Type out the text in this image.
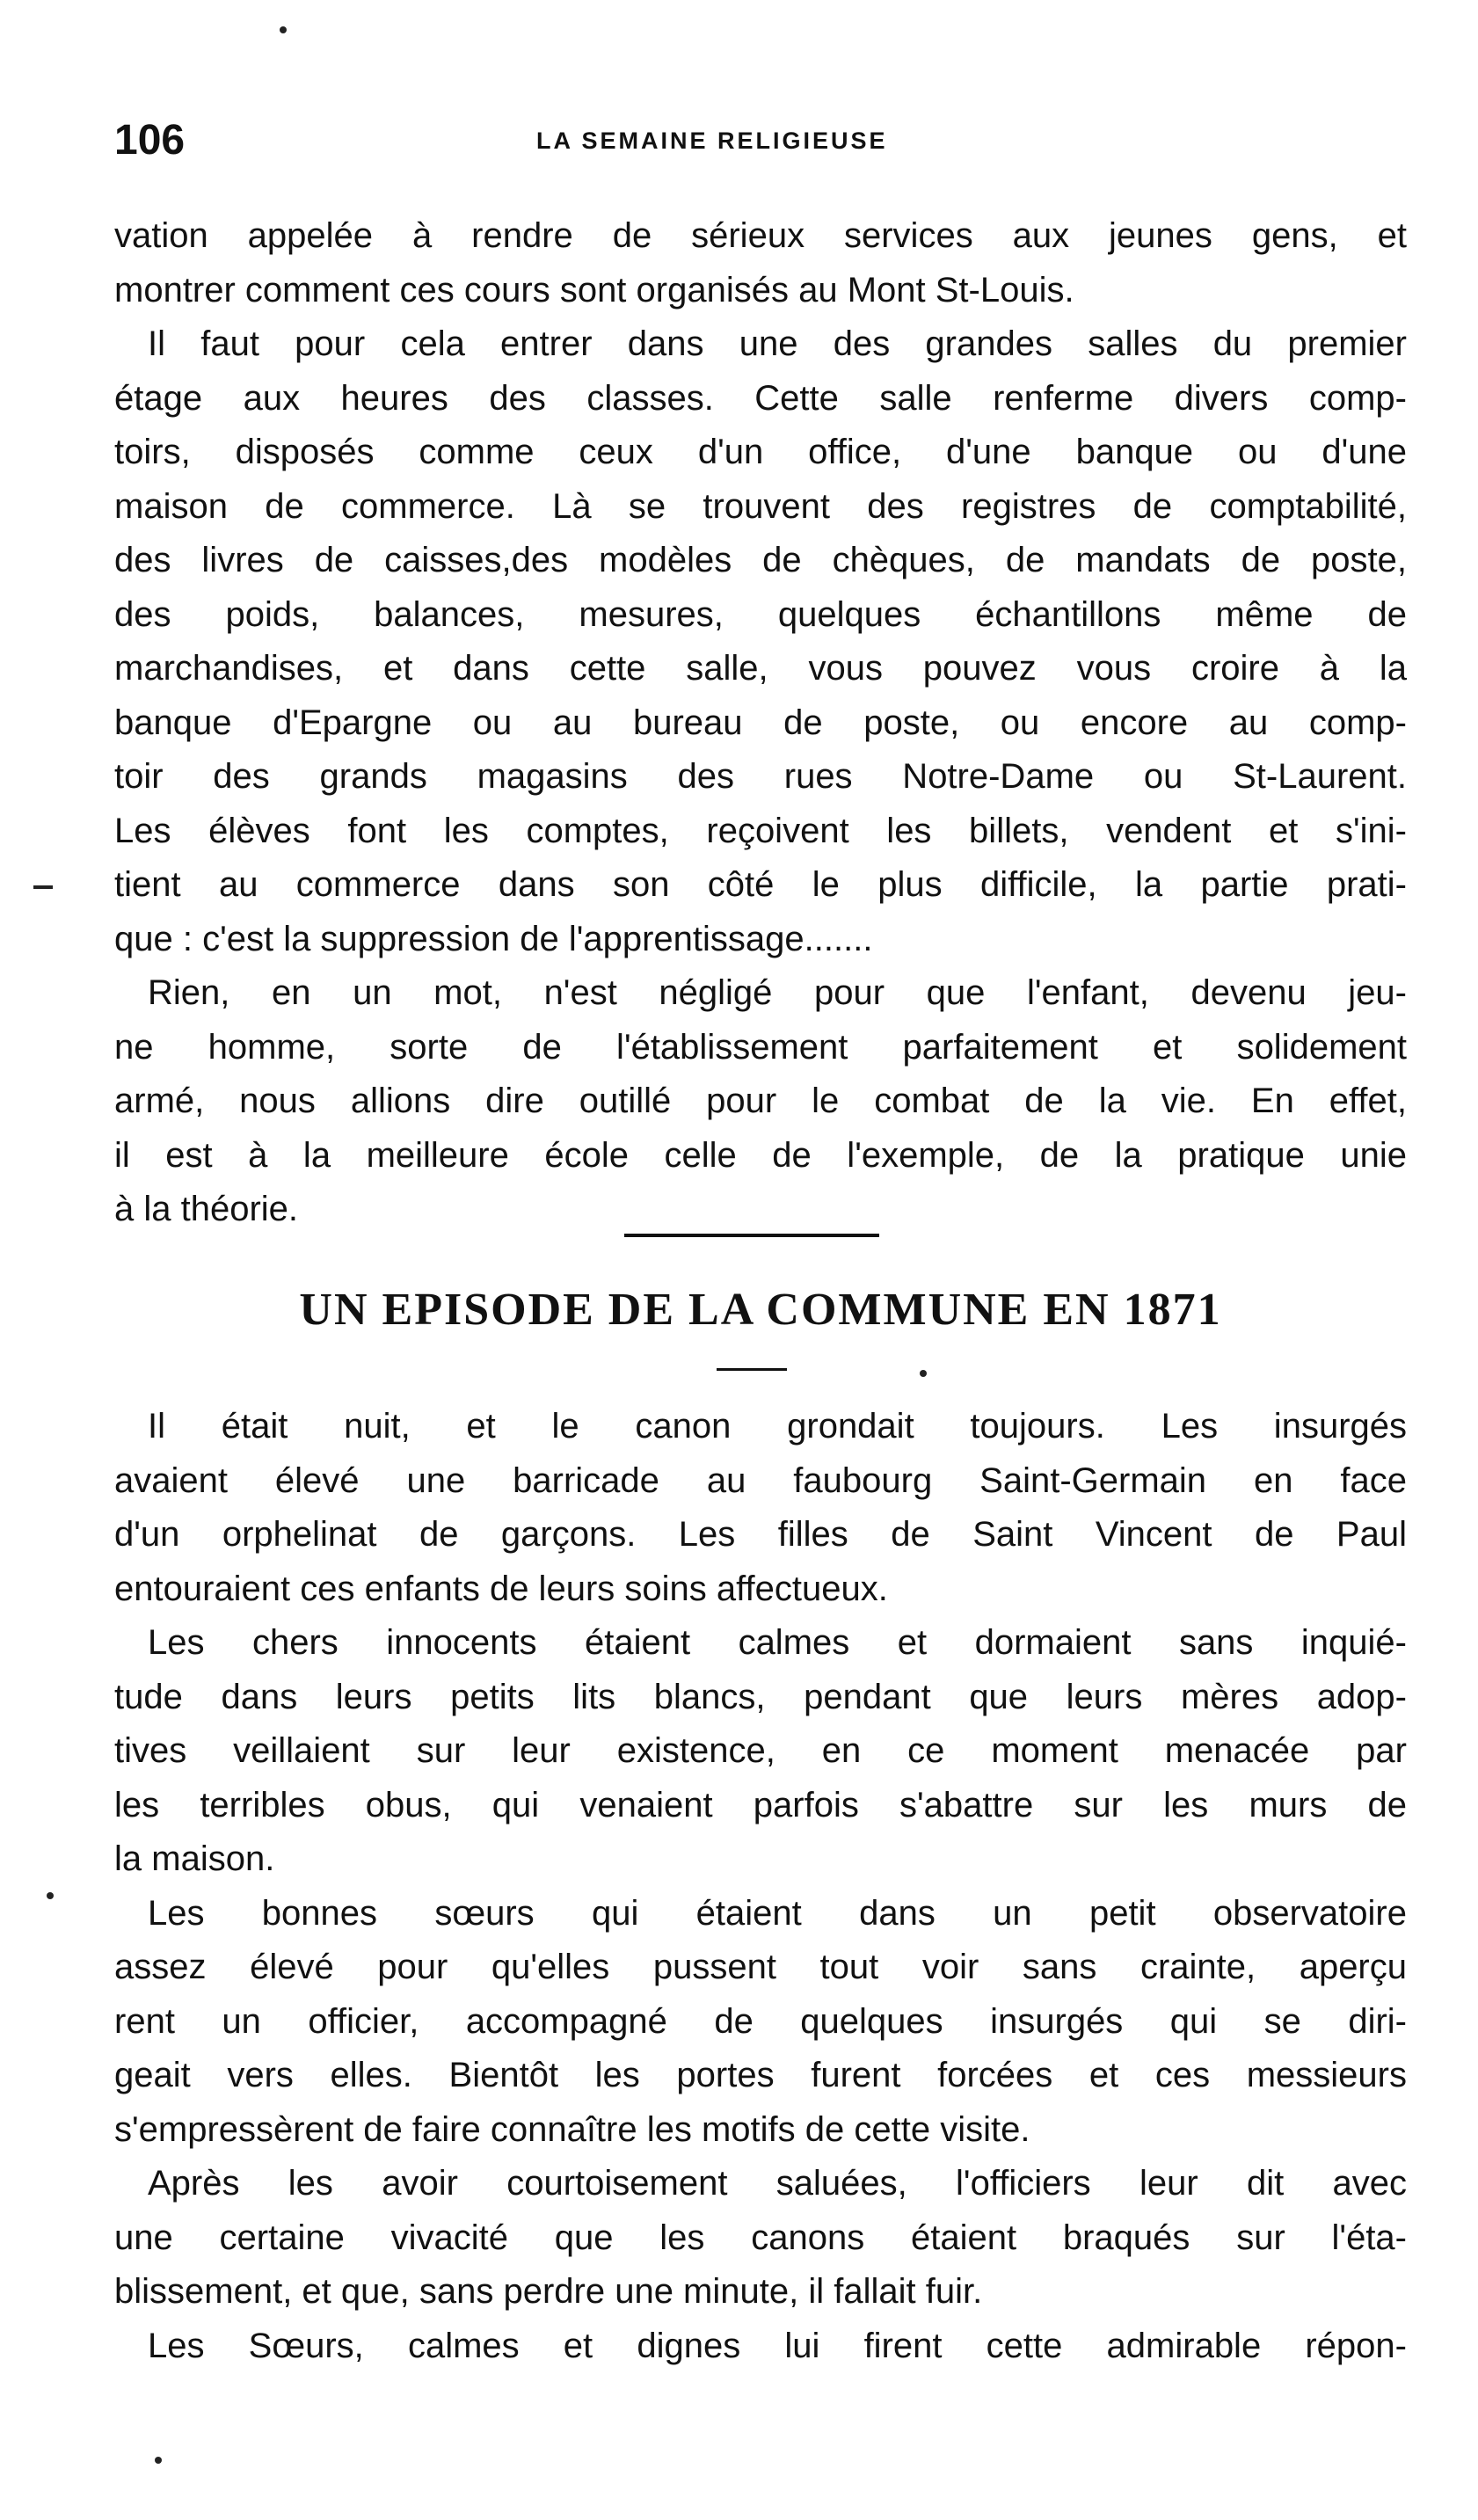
106	LA SEMAINE RELIGIEUSE
vation appelée à rendre de sérieux services aux jeunes gens, et
montrer comment ces cours sont organisés au Mont St-Louis.
Il faut pour cela entrer dans une des grandes salles du premier
étage aux heures des classes. Cette salle renferme divers comp-
toirs, disposés comme ceux d'un office, d'une banque ou d'une
maison de commerce. Là se trouvent des registres de comptabilité,
des livres de caisses,des modèles de chèques, de mandats de poste,
des poids, balances, mesures, quelques échantillons même de
marchandises, et dans cette salle, vous pouvez vous croire à la
banque d'Epargne ou au bureau de poste, ou encore au comp-
toir des grands magasins des rues Notre-Dame ou St-Laurent.
Les élèves font les comptes, reçoivent les billets, vendent et s'ini-
tient au commerce dans son côté le plus difficile, la partie prati-
que : c'est la suppression de l'apprentissage.......
Rien, en un mot, n'est négligé pour que l'enfant, devenu jeu-
ne homme, sorte de l'établissement parfaitement et solidement
armé, nous allions dire outillé pour le combat de la vie. En effet,
il est à la meilleure école celle de l'exemple, de la pratique unie
à la théorie.
UN EPISODE DE LA COMMUNE EN 1871
Il était nuit, et le canon grondait toujours. Les insurgés
avaient élevé une barricade au faubourg Saint-Germain en face
d'un orphelinat de garçons. Les filles de Saint Vincent de Paul
entouraient ces enfants de leurs soins affectueux.
Les chers innocents étaient calmes et dormaient sans inquié-
tude dans leurs petits lits blancs, pendant que leurs mères adop-
tives veillaient sur leur existence, en ce moment menacée par
les terribles obus, qui venaient parfois s'abattre sur les murs de
la maison.
Les bonnes sœurs qui étaient dans un petit observatoire
assez élevé pour qu'elles pussent tout voir sans crainte, aperçu
rent un officier, accompagné de quelques insurgés qui se diri-
geait vers elles. Bientôt les portes furent forcées et ces messieurs
s'empressèrent de faire connaître les motifs de cette visite.
Après les avoir courtoisement saluées, l'officiers leur dit avec
une certaine vivacité que les canons étaient braqués sur l'éta-
blissement, et que, sans perdre une minute, il fallait fuir.
Les Sœurs, calmes et dignes lui firent cette admirable répon-
